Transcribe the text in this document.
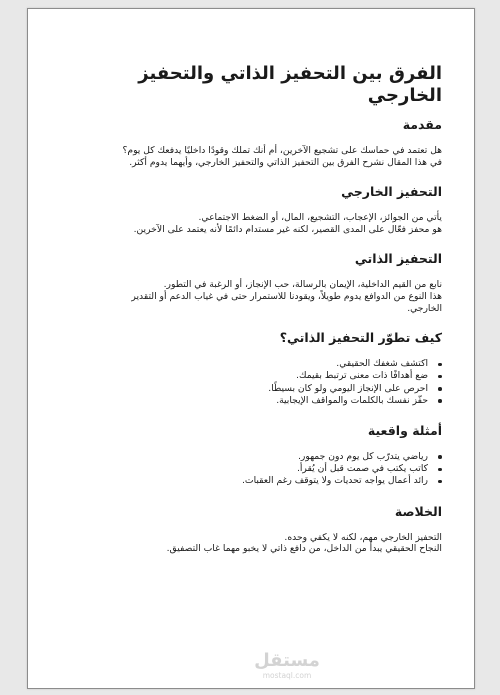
الفرق بين التحفيز الذاتي والتحفيز الخارجي
مقدمة

هل تعتمد في حماسك على تشجيع الآخرين، أم أنك تملك وقودًا داخليًا يدفعك كل يوم؟

في هذا المقال نشرح الفرق بين التحفيز الذاتي والتحفيز الخارجي، وأيهما يدوم أكثر.

التحفيز الخارجي

يأتي من الجوائز، الإعجاب، التشجيع، المال، أو الضغط الاجتماعي.

هو محفز فعّال على المدى القصير، لكنه غير مستدام دائمًا لأنه يعتمد على الآخرين.

التحفيز الذاتي

نابع من القيم الداخلية، الإيمان بالرسالة، حب الإنجاز، أو الرغبة في التطور.

هذا النوع من الدوافع يدوم طويلاً، ويقودنا للاستمرار حتى في غياب الدعم أو التقدير الخارجي.

كيف تطوّر التحفيز الذاتي؟
اكتشف شغفك الحقيقي.
ضع أهدافًا ذات معنى ترتبط بقيمك.
احرص على الإنجاز اليومي ولو كان بسيطًا.
حفّز نفسك بالكلمات والمواقف الإيجابية.
أمثلة واقعية
رياضي يتدرّب كل يوم دون جمهور.
كاتب يكتب في صمت قبل أن يُقرأ.
رائد أعمال يواجه تحديات ولا يتوقف رغم العقبات.
الخلاصة

التحفيز الخارجي مهم، لكنه لا يكفي وحده.

النجاح الحقيقي يبدأ من الداخل، من دافع ذاتي لا يخبو مهما غاب التصفيق.

مستقل
mostaql.com
